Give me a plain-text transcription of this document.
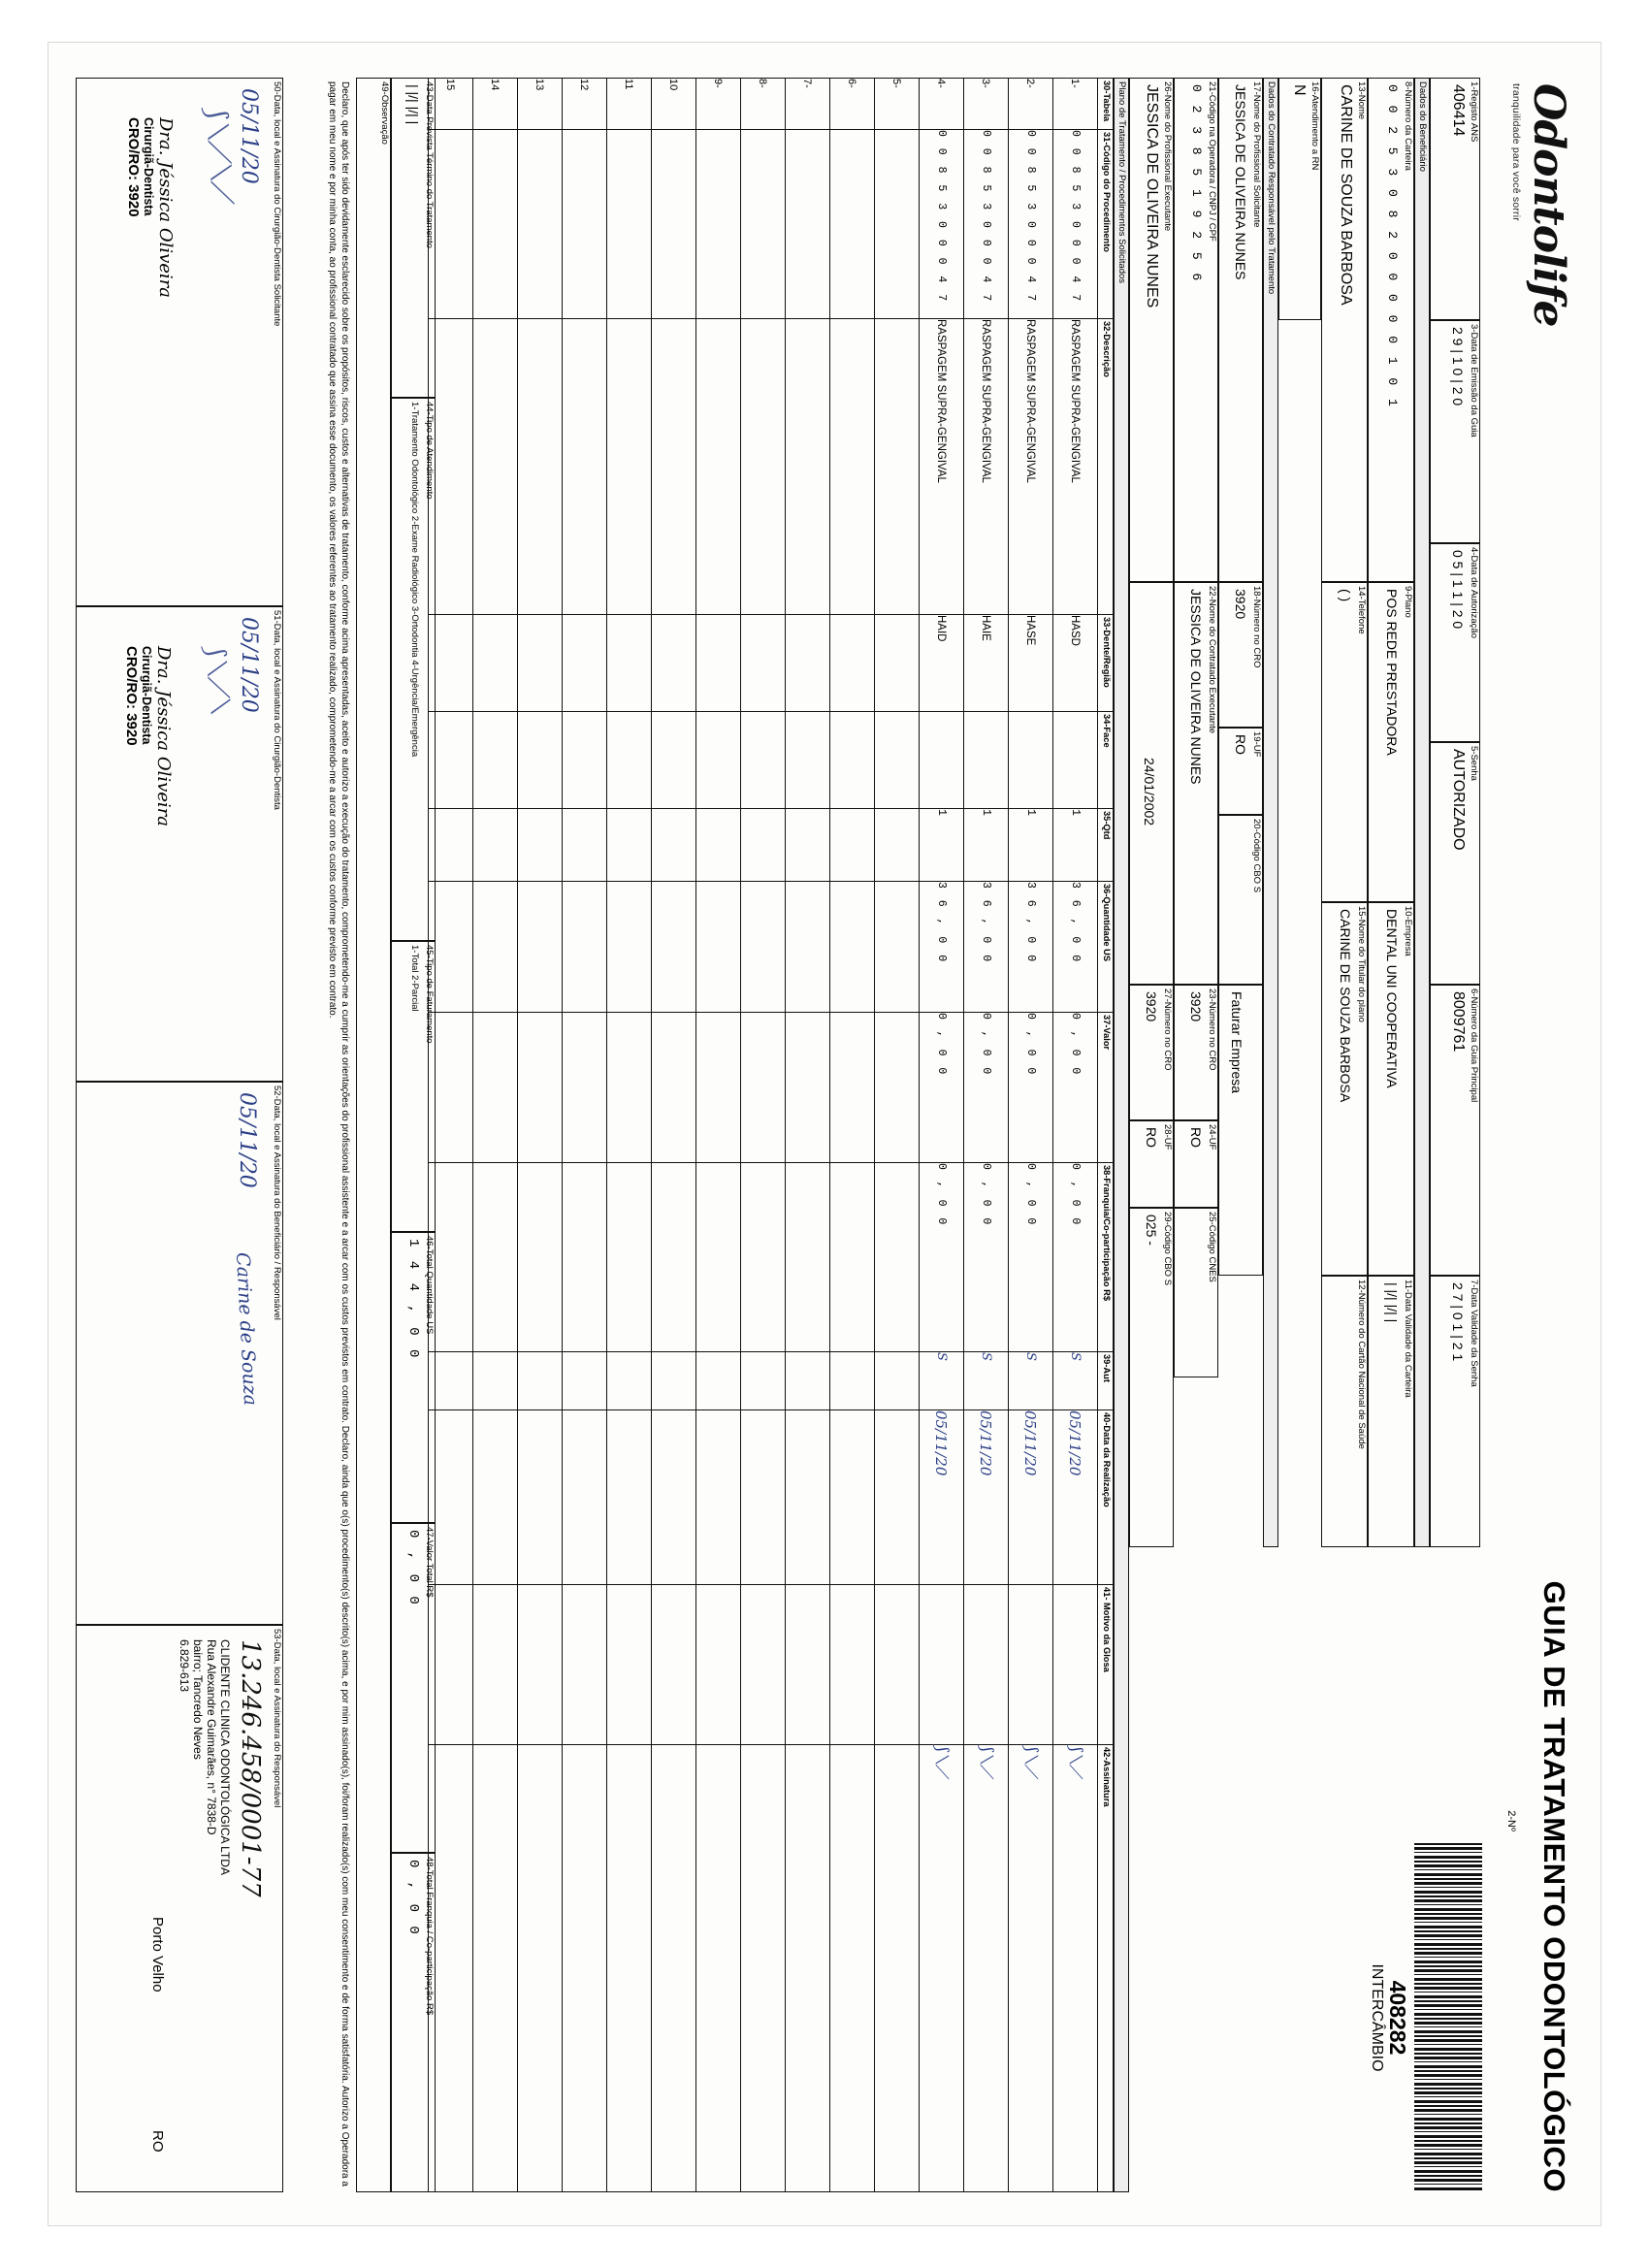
Odontolife
tranquilidade para você sorrir
GUIA DE TRATAMENTO ODONTOLÓGICO
2-Nº
408282
INTERCÂMBIO
1-Registo ANS
406414
3-Data de Emissão da Guia
2 9 | 1 0 | 2 0
4-Data de Autorização
0 5 | 1 1 | 2 0
5-Senha
AUTORIZADO
6-Número da Guia Principal
8009761
7-Data Validade da Senha
2 7 | 0 1 | 2 1
Dados do Beneficiário
8-Número da Carteira
0 0 2 5 3 0 8 2 0 0 0 0 0 1 0 1
9-Plano
POS REDE PRESTADORA
10-Empresa
DENTAL UNI COOPERATIVA
11-Data Validade da Carteira
| |/| |/| |
13-Nome
CARINE DE SOUZA BARBOSA
14-Telefone
( )
15-Nome do Titular do plano
CARINE DE SOUZA BARBOSA
12-Número do Cartão Nacional de Saúde
16-Atendimento a RN
N
Dados do Contratado Responsável pelo Tratamento
17-Nome do Profissional Solicitante
JESSICA DE OLIVEIRA NUNES
18-Número no CRO
3920
19-UF
RO
20-Código CBO S
Faturar Empresa
21-Código na Operadora / CNPJ / CPF
0 2 3 8 5 1 9 2 5 6
22-Nome do Contratado Executante
JESSICA DE OLIVEIRA NUNES
23-Número no CRO
3920
24-UF
RO
25-Código CNES
26-Nome do Profissional Executante
JESSICA DE OLIVEIRA NUNES
24/01/2002
27-Número no CRO
3920
28-UF
RO
29-Código CBO S
025 -
Plano de Tratamento / Procedimentos Solicitados
30-Tabela	31-Código do Procedimento	32-Descrição	33-Dente/Região	34-Face	35-Qtd	36-Quantidade US	37-Valor	38-Franquia/Co-participação R$	39-Aut	40-Data da Realização	41- Motivo da Glosa	42-Assinatura
1-	0 0 8 5 3 0 0 0 4 7	RASPAGEM SUPRA-GENGIVAL	HASD		1	3 6 , 0 0	0 , 0 0	0 , 0 0	S	05/11/20		⟆⟍⟋
2-	0 0 8 5 3 0 0 0 4 7	RASPAGEM SUPRA-GENGIVAL	HASE		1	3 6 , 0 0	0 , 0 0	0 , 0 0	S	05/11/20		⟆⟍⟋
3-	0 0 8 5 3 0 0 0 4 7	RASPAGEM SUPRA-GENGIVAL	HAIE		1	3 6 , 0 0	0 , 0 0	0 , 0 0	S	05/11/20		⟆⟍⟋
4-	0 0 8 5 3 0 0 0 4 7	RASPAGEM SUPRA-GENGIVAL	HAID		1	3 6 , 0 0	0 , 0 0	0 , 0 0	S	05/11/20		⟆⟍⟋
5-												
6-												
7-												
8-												
9-												
10												
11												
12												
13												
14												
15												
43-Data Prevista Término do Tratamento
| |/| |/| |
44-Tipo de Atendimento
1-Tratamento Odontológico 2-Exame Radiológico 3-Ortodontia 4-Urgência/Emergência
45-Tipo de Faturamento
1-Total 2-Parcial
46-Total Quantidade US
1 4 4 , 0 0
47-Valor Total R$
0 , 0 0
48-Total Franquia / Co-participação R$
0 , 0 0
49-Observação
Declaro, que após ter sido devidamente esclarecido sobre os propósitos, riscos, custos e alternativas de tratamento, conforme acima apresentadas, aceito e autorizo a execução do tratamento, comprometendo-me a cumprir as orientações do profissional assistente e a arcar com os custos previstos em contrato. Declaro, ainda que o(s) procedimento(s) descrito(s) acima, e por mim assinado(s), foi/foram realizado(s) com meu consentimento e de forma satisfatória. Autorizo a Operadora a pagar em meu nome e por minha conta, ao profissional contratado que assina esse documento, os valores referentes ao tratamento realizado, comprometendo-me a arcar com os custos conforme previsto em contrato.
50-Data, local e Assinatura do Cirurgião-Dentista Solicitante
05/11/20
⟆⟍⟋⟍⟋
Dra. Jéssica Oliveira
Cirurgiã-Dentista
CRO/RO: 3920
51-Data, local e Assinatura do Cirurgião-Dentista
05/11/20
⟆⟍⟋⟍
Dra. Jéssica Oliveira
Cirurgiã-Dentista
CRO/RO: 3920
52-Data, local e Assinatura do Beneficiário / Responsável
05/11/20
Carine de Souza
53-Data, local e Assinatura do Responsável
13.246.458/0001-77
CLIDENTE CLINICA ODONTOLÓGICA LTDA
Rua Alexandre Guimarães, n° 7838-D
bairro; Tancredo Neves
6.829-613
Porto Velho
RO
